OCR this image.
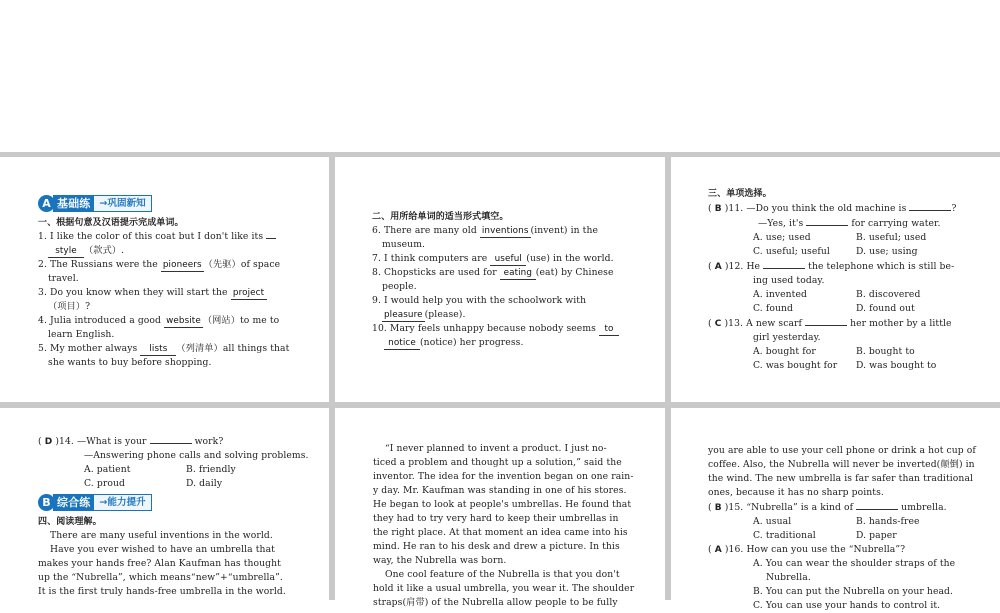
A 基础练 →巩固新知
一、根据句意及汉语提示完成单词。
1. I like the color of this coat but I don't like its
style （款式）.
2. The Russians were the pioneers （先驱）of space
travel.
3. Do you know when they will start the project
（项目）?
4. Julia introduced a good website （网站）to me to
learn English.
5. My mother always lists （列清单）all things that
she wants to buy before shopping.
二、用所给单词的适当形式填空。
6. There are many old inventions (invent) in the
museum.
7. I think computers are useful (use) in the world.
8. Chopsticks are used for eating (eat) by Chinese
people.
9. I would help you with the schoolwork with
pleasure (please).
10. Mary feels unhappy because nobody seems to
notice (notice) her progress.
三、单项选择。
( B )11. —Do you think the old machine is	?
—Yes, it's	for carrying water.
A. use; used	B. useful; used
C. useful; useful	D. use; using
( A )12. He	the telephone which is still be-
ing used today.
A. invented	B. discovered
C. found	D. found out
( C )13. A new scarf	her mother by a little
girl yesterday.
A. bought for	B. bought to
C. was bought for	D. was bought to
( D )14. —What is your	work?
—Answering phone calls and solving problems.
A. patient	B. friendly
C. proud	D. daily
B 综合练 →能力提升
四、阅读理解。
There are many useful inventions in the world.
Have you ever wished to have an umbrella that
makes your hands free? Alan Kaufman has thought
up the “Nubrella”, which means“new”+“umbrella”.
It is the first truly hands-free umbrella in the world.
“I never planned to invent a product. I just no-
ticed a problem and thought up a solution,” said the
inventor. The idea for the invention began on one rain-
y day. Mr. Kaufman was standing in one of his stores.
He began to look at people's umbrellas. He found that
they had to try very hard to keep their umbrellas in
the right place. At that moment an idea came into his
mind. He ran to his desk and drew a picture. In this
way, the Nubrella was born.
One cool feature of the Nubrella is that you don't
hold it like a usual umbrella, you wear it. The shoulder
straps(肩带) of the Nubrella allow people to be fully
you are able to use your cell phone or drink a hot cup of
coffee. Also, the Nubrella will never be inverted(颠倒) in
the wind. The new umbrella is far safer than traditional
ones, because it has no sharp points.
( B )15. “Nubrella” is a kind of	umbrella.
A. usual	B. hands-free
C. traditional	D. paper
( A )16. How can you use the “Nubrella”?
A. You can wear the shoulder straps of the
Nubrella.
B. You can put the Nubrella on your head.
C. You can use your hands to control it.
